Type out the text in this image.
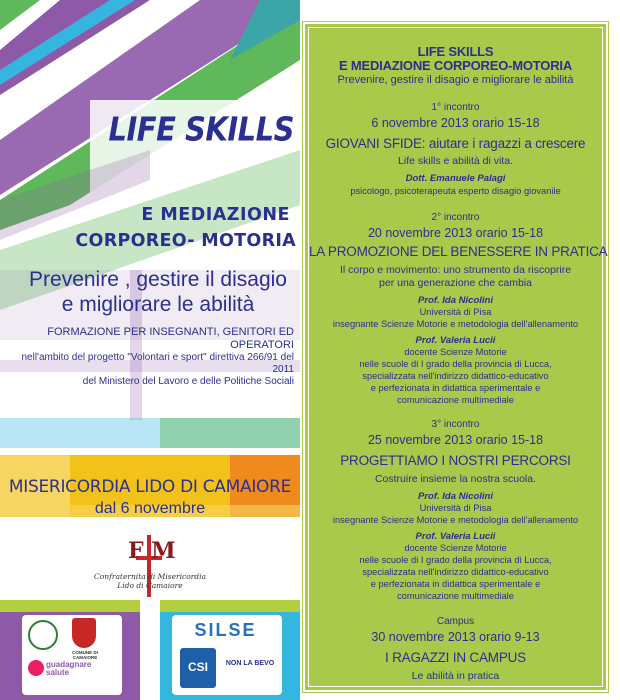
LIFE SKILLS
E MEDIAZIONE
CORPOREO- MOTORIA
Prevenire , gestire il disagio
e migliorare le abilità
FORMAZIONE PER INSEGNANTI, GENITORI ED OPERATORI
nell'ambito del progetto "Volontari e sport" direttiva 266/91 del 2011
del Ministero del Lavoro e delle Politiche Sociali
MISERICORDIA LIDO DI CAMAIORE
dal 6 novembre
F M
Confraternita di Misericordia
Lido di Camaiore
COMUNE DI CAMAIORE
guadagnare
salute
SILSE
CSI	NON LA BEVO
LIFE SKILLS
E MEDIAZIONE CORPOREO-MOTORIA
Prevenire, gestire il disagio e migliorare le abilità
1° incontro
6 novembre 2013 orario 15-18
GIOVANI SFIDE: aiutare i ragazzi a crescere
Life skills e abilità di vita.
Dott. Emanuele Palagi
psicologo, psicoterapeuta esperto disagio giovanile
2° incontro
20 novembre 2013 orario 15-18
LA PROMOZIONE DEL BENESSERE IN PRATICA
Il corpo e movimento: uno strumento da riscoprire
per una generazione che cambia
Prof. Ida Nicolini
Università di Pisa
insegnante Scienze Motorie e metodologia dell'allenamento
Prof. Valeria Lucii
docente Scienze Motorie
nelle scuole di I grado della provincia di Lucca,
specializzata nell'indirizzo didattico-educativo
e perfezionata in didattica sperimentale e
comunicazione multimediale
3° incontro
25 novembre 2013 orario 15-18
PROGETTIAMO I NOSTRI PERCORSI
Costruire insieme la nostra scuola.
Prof. Ida Nicolini
Università di Pisa
insegnante Scienze Motorie e metodologia dell'allenamento
Prof. Valeria Lucii
docente Scienze Motorie
nelle scuole di I grado della provincia di Lucca,
specializzata nell'indirizzo didattico-educativo
e perfezionata in didattica sperimentale e
comunicazione multimediale
Campus
30 novembre 2013 orario 9-13
I RAGAZZI IN CAMPUS
Le abilità in pratica
